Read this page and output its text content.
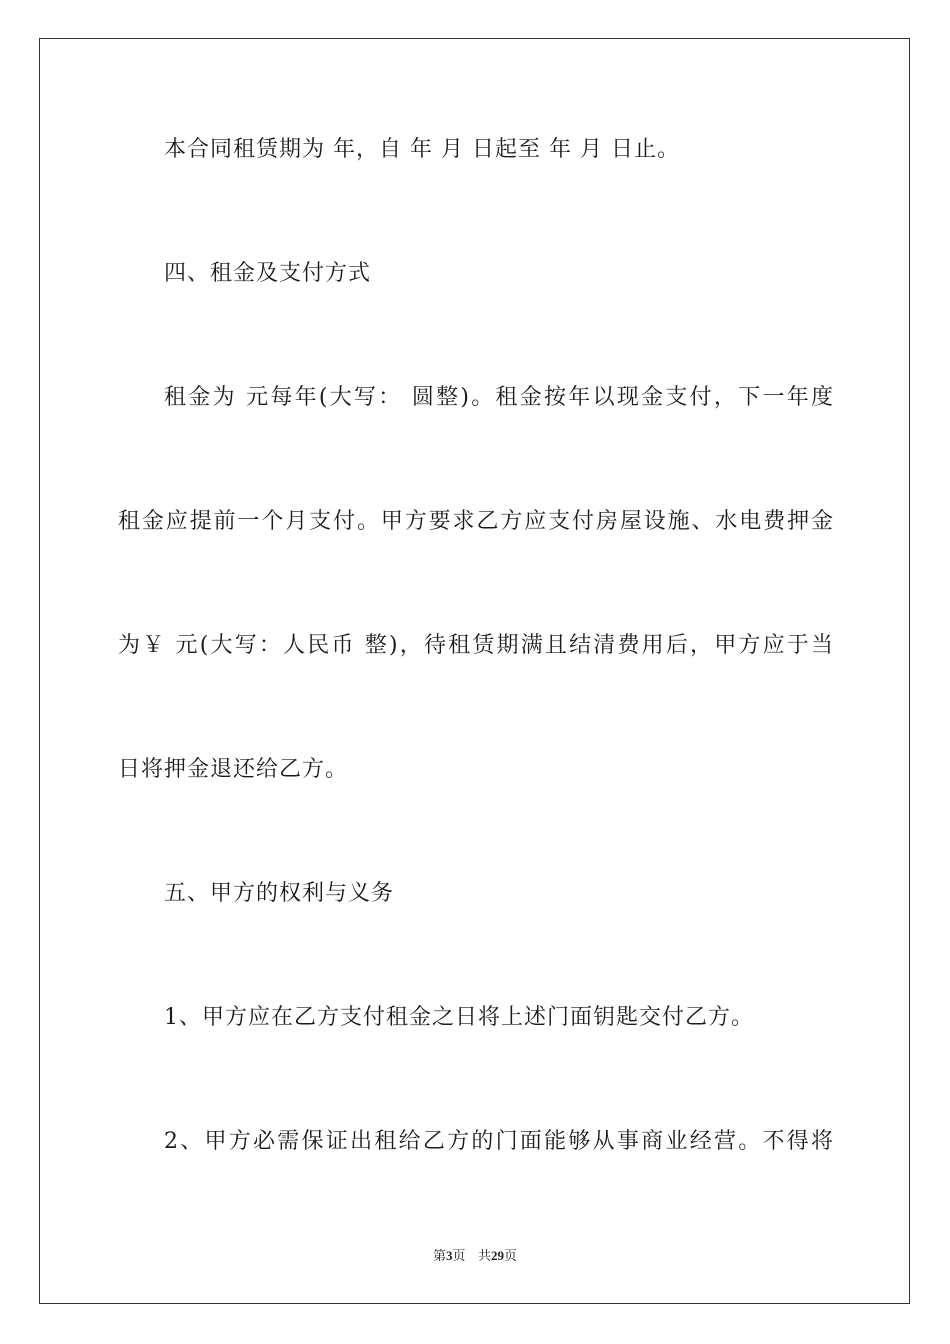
本合同租赁期为 年，自 年 月 日起至 年 月 日止。
四、租金及支付方式
租金为 元每年(大写： 圆整)。租金按年以现金支付，下一年度
租金应提前一个月支付。甲方要求乙方应支付房屋设施、水电费押金
为￥ 元(大写：人民币 整)，待租赁期满且结清费用后，甲方应于当
日将押金退还给乙方。
五、甲方的权利与义务
1、甲方应在乙方支付租金之日将上述门面钥匙交付乙方。
2、甲方必需保证出租给乙方的门面能够从事商业经营。不得将
第3页 共29页
